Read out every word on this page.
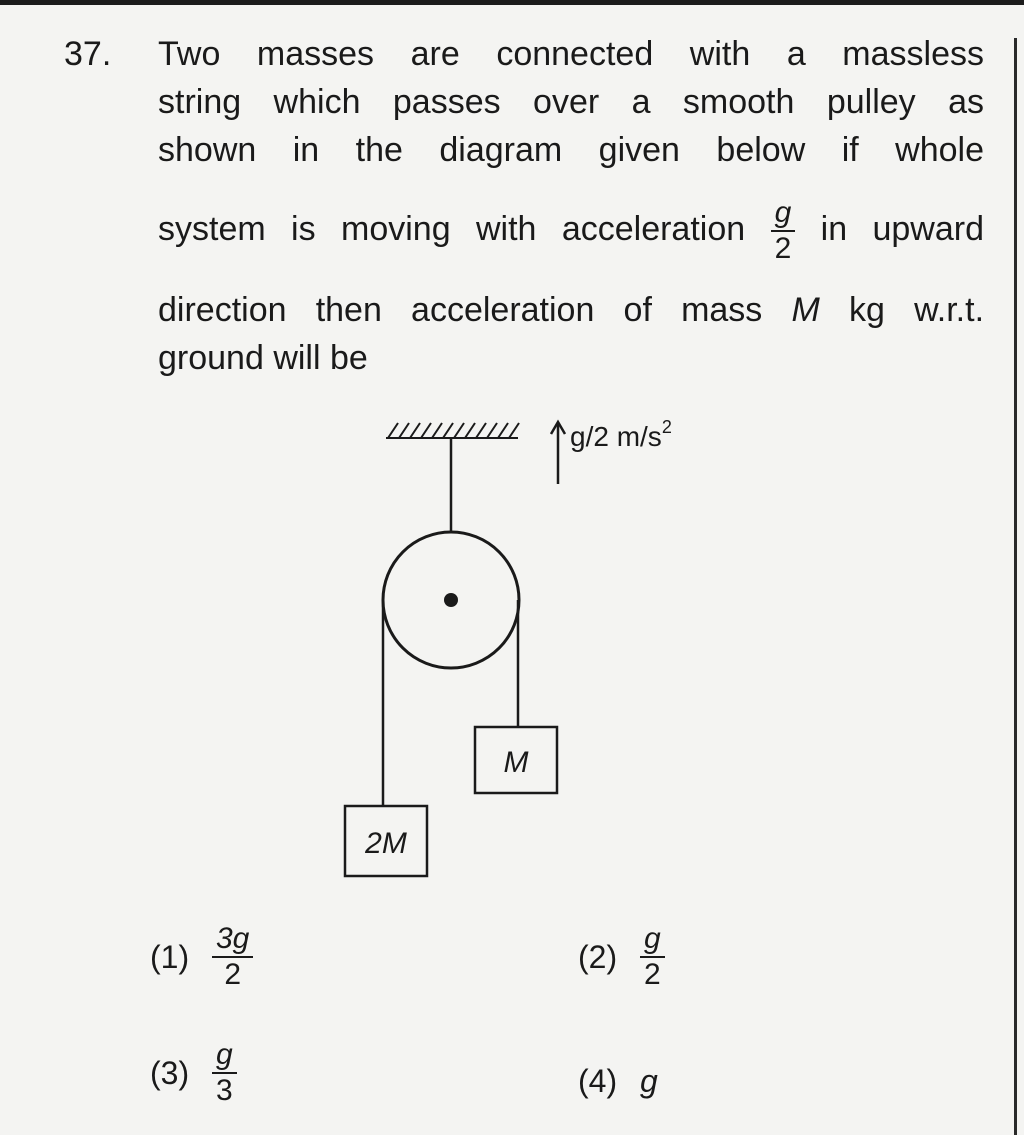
37. Two masses are connected with a massless
string which passes over a smooth pulley as
shown in the diagram given below if whole
system is moving with acceleration $\frac{g}{2}$ in upward
direction then acceleration of mass M kg w.r.t.
ground will be
M
2M
g/2 $m/s^2$
$(1) \frac{3g}{2}$	$(2) \frac{g}{2}$
$(3) \frac{g}{3}$	(4) g
